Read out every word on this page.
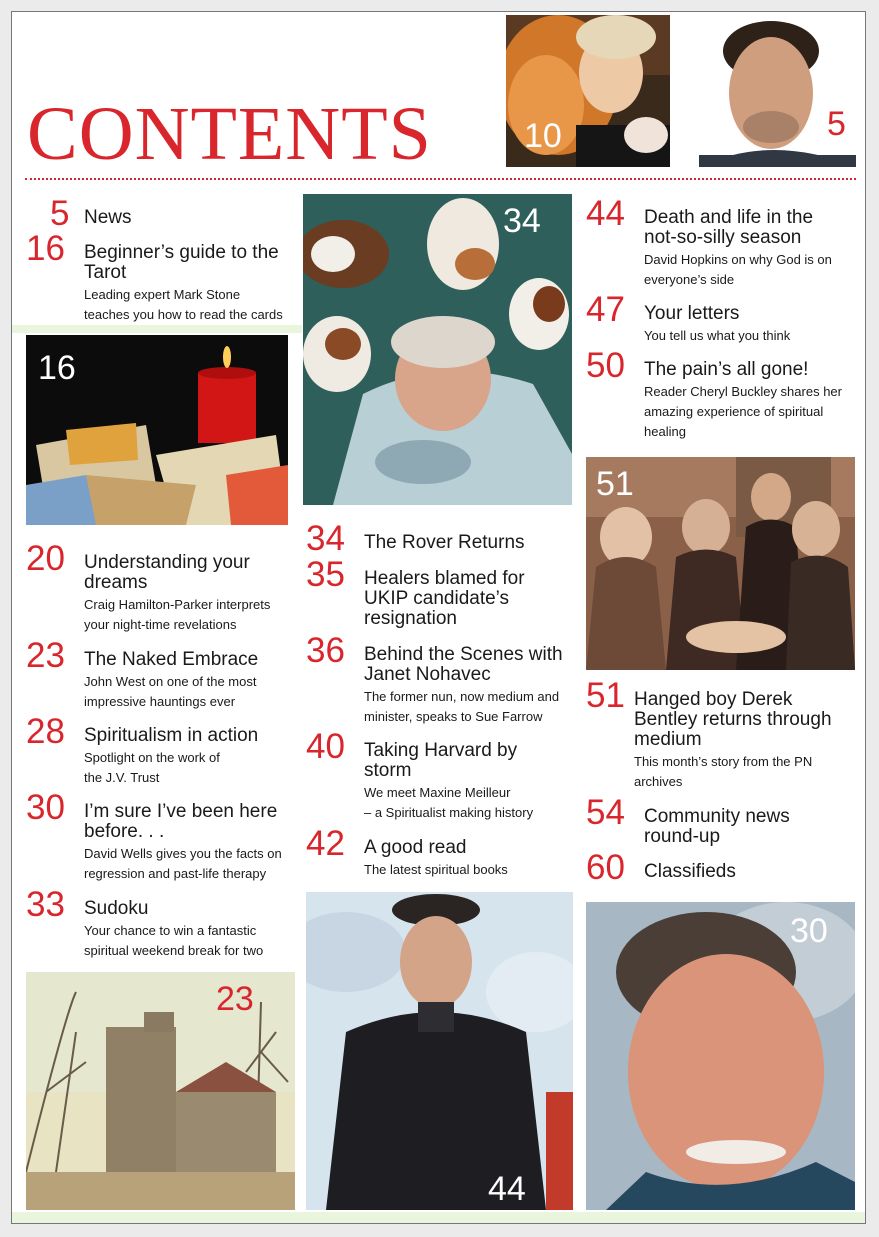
CONTENTS	10	5
34
16
51
23
44
30
5 News
16 Beginner’s guide to the
Tarot
Leading expert Mark Stone
teaches you how to read the cards
20 Understanding your
dreams
Craig Hamilton-Parker interprets
your night-time revelations
23 The Naked Embrace
John West on one of the most
impressive hauntings ever
28 Spiritualism in action
Spotlight on the work of
the J.V. Trust
30 I’m sure I’ve been here
before. . .
David Wells gives you the facts on
regression and past-life therapy
33 Sudoku
Your chance to win a fantastic
spiritual weekend break for two
34 The Rover Returns
35 Healers blamed for
UKIP candidate’s
resignation
36 Behind the Scenes with
Janet Nohavec
The former nun, now medium and
minister, speaks to Sue Farrow
40 Taking Harvard by
storm
We meet Maxine Meilleur
– a Spiritualist making history
42 A good read
The latest spiritual books
44 Death and life in the
not-so-silly season
David Hopkins on why God is on
everyone’s side
47 Your letters
You tell us what you think
50 The pain’s all gone!
Reader Cheryl Buckley shares her
amazing experience of spiritual
healing
51 Hanged boy Derek
Bentley returns through
medium
This month’s story from the PN
archives
54 Community news
round-up
60 Classifieds
